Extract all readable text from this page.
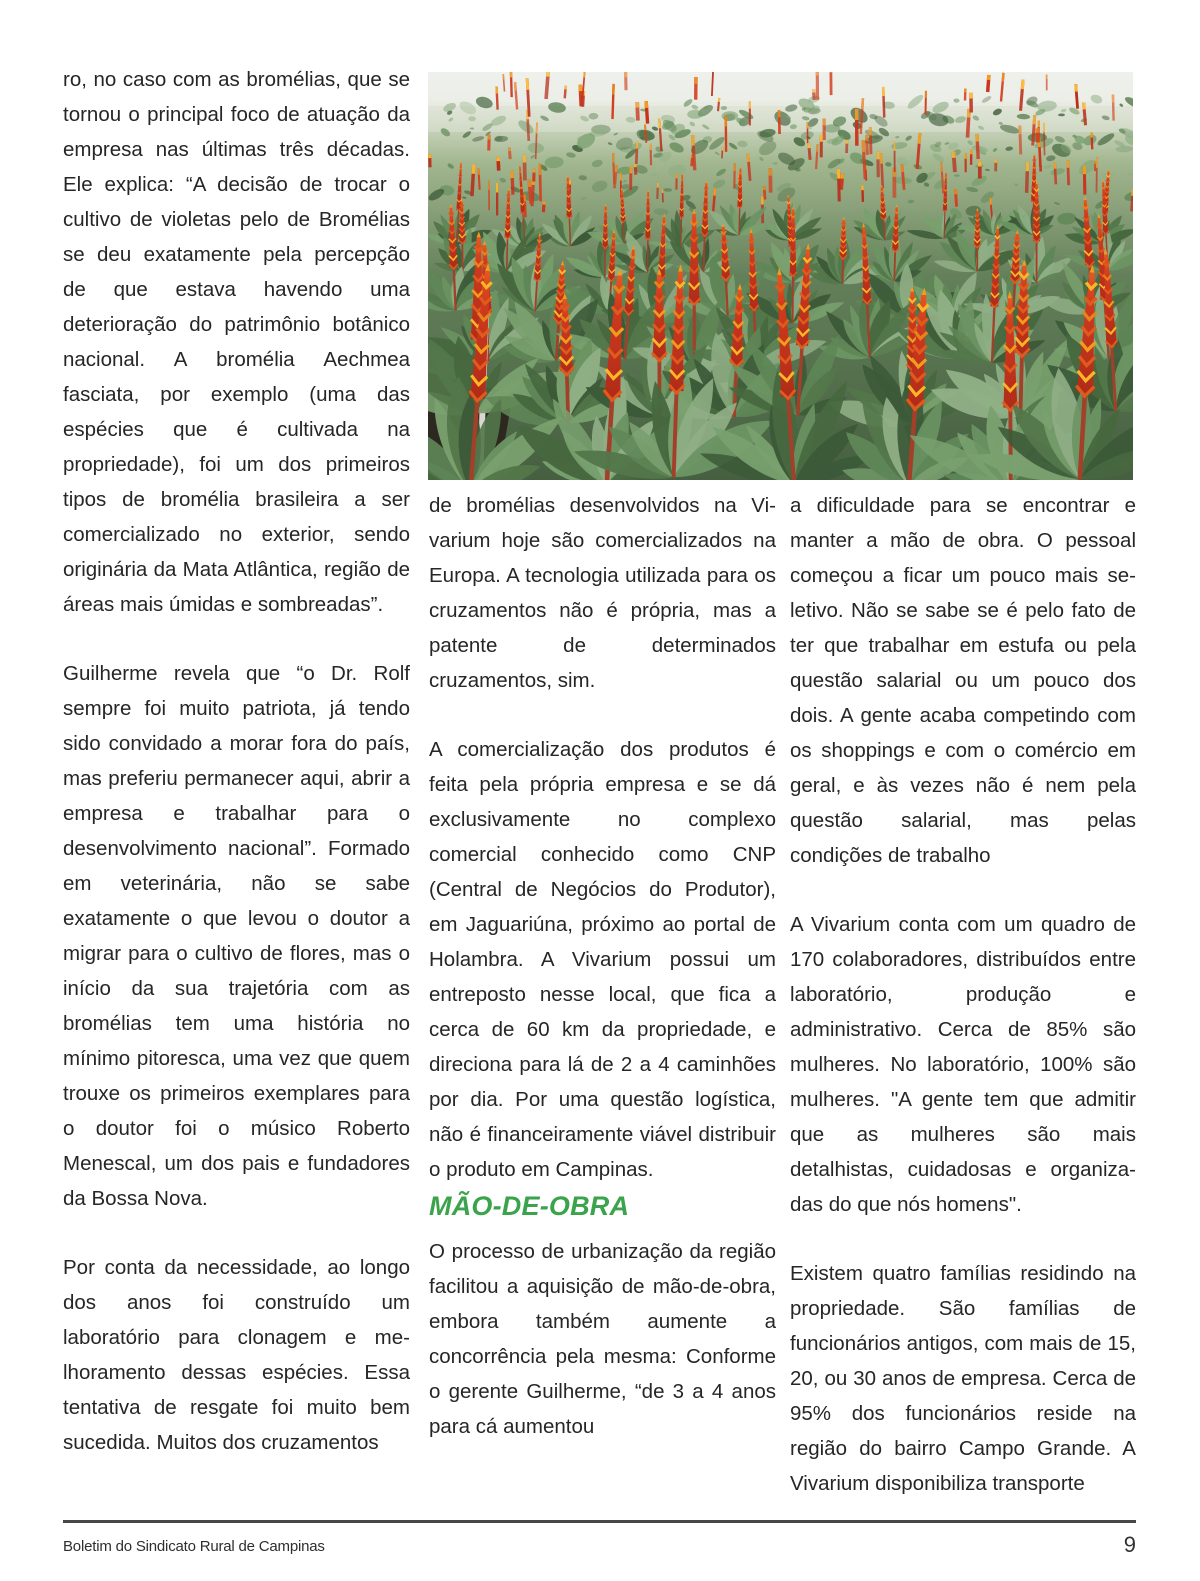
ro, no caso com as bromélias, que se tornou o principal foco de atuação da empresa nas últimas três décadas. Ele explica: “A decisão de trocar o cultivo de violetas pelo de Bromélias se deu exatamente pela percepção de que estava havendo uma deterioração do patrimônio botânico nacional. A bromélia Aechmea fasciata, por exemplo (uma das espécies que é cultivada na propriedade), foi um dos primeiros tipos de bromélia brasileira a ser comercializado no exterior, sendo originária da Mata Atlântica, região de áreas mais úmidas e sombreadas”.

Guilherme revela que “o Dr. Rolf sempre foi muito patriota, já tendo sido convidado a morar fora do país, mas preferiu permanecer aqui, abrir a empresa e trabalhar para o desenvolvimento nacional”. Formado em veterinária, não se sabe exatamente o que levou o doutor a migrar para o cultivo de flores, mas o início da sua trajetória com as bromélias tem uma história no mínimo pitoresca, uma vez que quem trouxe os primeiros exemplares para o doutor foi o músico Roberto Menescal, um dos pais e fundadores da Bossa Nova.

Por conta da necessidade, ao longo dos anos foi construído um laboratório para clonagem e melhoramento dessas espécies. Essa tentativa de resgate foi muito bem sucedida. Muitos dos cruzamentos

de bromélias desenvolvidos na Vivarium hoje são comercializados na Europa. A tecnologia utilizada para os cruzamentos não é própria, mas a patente de determinados cruzamentos, sim.

A comercialização dos produtos é feita pela própria empresa e se dá exclusivamente no complexo comercial conhecido como CNP (Central de Negócios do Produtor), em Jaguariúna, próximo ao portal de Holambra. A Vivarium possui um entreposto nesse local, que fica a cerca de 60 km da propriedade, e direciona para lá de 2 a 4 caminhões por dia. Por uma questão logística, não é financeiramente viável distribuir o produto em Campinas.

MÃO-DE-OBRA

O processo de urbanização da região facilitou a aquisição de mão-de-obra, embora também aumente a concorrência pela mesma: Conforme o gerente Guilherme, “de 3 a 4 anos para cá aumentou

a dificuldade para se encontrar e manter a mão de obra. O pessoal começou a ficar um pouco mais seletivo. Não se sabe se é pelo fato de ter que trabalhar em estufa ou pela questão salarial ou um pouco dos dois. A gente acaba competindo com os shoppings e com o comércio em geral, e às vezes não é nem pela questão salarial, mas pelas condições de trabalho

A Vivarium conta com um quadro de 170 colaboradores, distribuídos entre laboratório, produção e administrativo. Cerca de 85% são mulheres. No laboratório, 100% são mulheres. "A gente tem que admitir que as mulheres são mais detalhistas, cuidadosas e organizadas do que nós homens".

Existem quatro famílias residindo na propriedade. São famílias de funcionários antigos, com mais de 15, 20, ou 30 anos de empresa. Cerca de 95% dos funcionários reside na região do bairro Campo Grande. A Vivarium disponibiliza transporte

Boletim do Sindicato Rural de Campinas	9
